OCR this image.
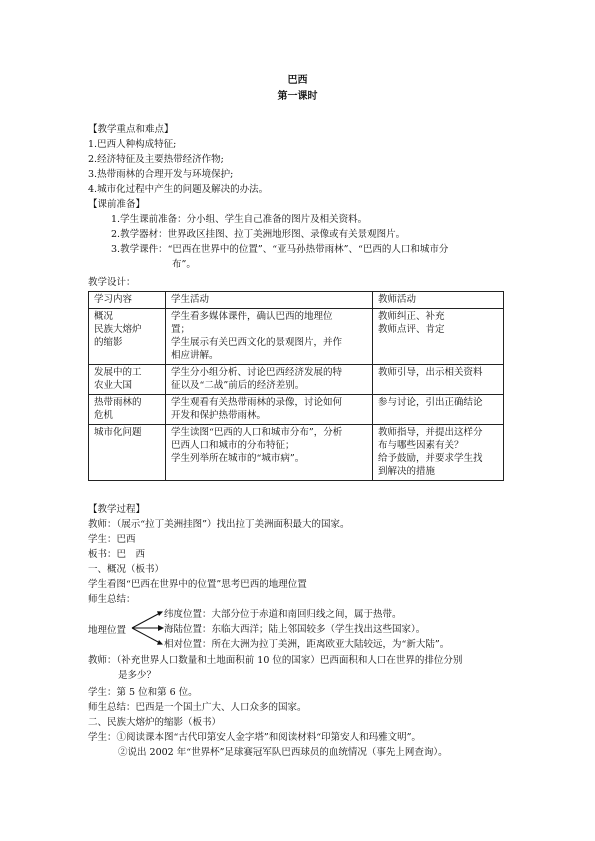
巴西
第一课时
【教学重点和难点】
1.巴西人种构成特征;
2.经济特征及主要热带经济作物;
3.热带雨林的合理开发与环境保护;
4.城市化过程中产生的问题及解决的办法。
【课前准备】
1.学生课前准备：分小组、学生自己准备的图片及相关资料。
2.教学器材：世界政区挂图、拉丁美洲地形图、录像或有关景观图片。
3.教学课件：“巴西在世界中的位置”、“亚马孙热带雨林”、“巴西的人口和城市分
布”。
教学设计：
学习内容	学生活动	教师活动

概况
民族大熔炉
的缩影	学生看多媒体课件，确认巴西的地理位
置；
学生展示有关巴西文化的景观图片，并作
相应讲解。	教师纠正、补充
教师点评、肯定

发展中的工
农业大国	学生分小组分析、讨论巴西经济发展的特
征以及“二战”前后的经济差别。	教师引导，出示相关资料

热带雨林的
危机	学生观看有关热带雨林的录像，讨论如何
开发和保护热带雨林。	参与讨论，引出正确结论

城市化问题	学生读图“巴西的人口和城市分布”，分析
巴西人口和城市的分布特征；
学生列举所在城市的“城市病”。	教师指导，并提出这样分
布与哪些因素有关？
给予鼓励，并要求学生找
到解决的措施
【教学过程】
教师：（展示“拉丁美洲挂图”）找出拉丁美洲面积最大的国家。
学生：巴西
板书：巴　西
一、概况（板书）
学生看图“巴西在世界中的位置”思考巴西的地理位置
师生总结：
地理位置
纬度位置：大部分位于赤道和南回归线之间，属于热带。
海陆位置：东临大西洋；陆上邻国较多（学生找出这些国家）。
相对位置：所在大洲为拉丁美洲，距离欧亚大陆较远，为“新大陆”。
教师：（补充世界人口数量和土地面积前 10 位的国家）巴西面积和人口在世界的排位分别
是多少？
学生：第 5 位和第 6 位。
师生总结：巴西是一个国土广大、人口众多的国家。
二、民族大熔炉的缩影（板书）
学生：①阅读课本图“古代印第安人金字塔”和阅读材料“印第安人和玛雅文明”。
②说出 2002 年“世界杯”足球赛冠军队巴西球员的血统情况（事先上网查询）。
